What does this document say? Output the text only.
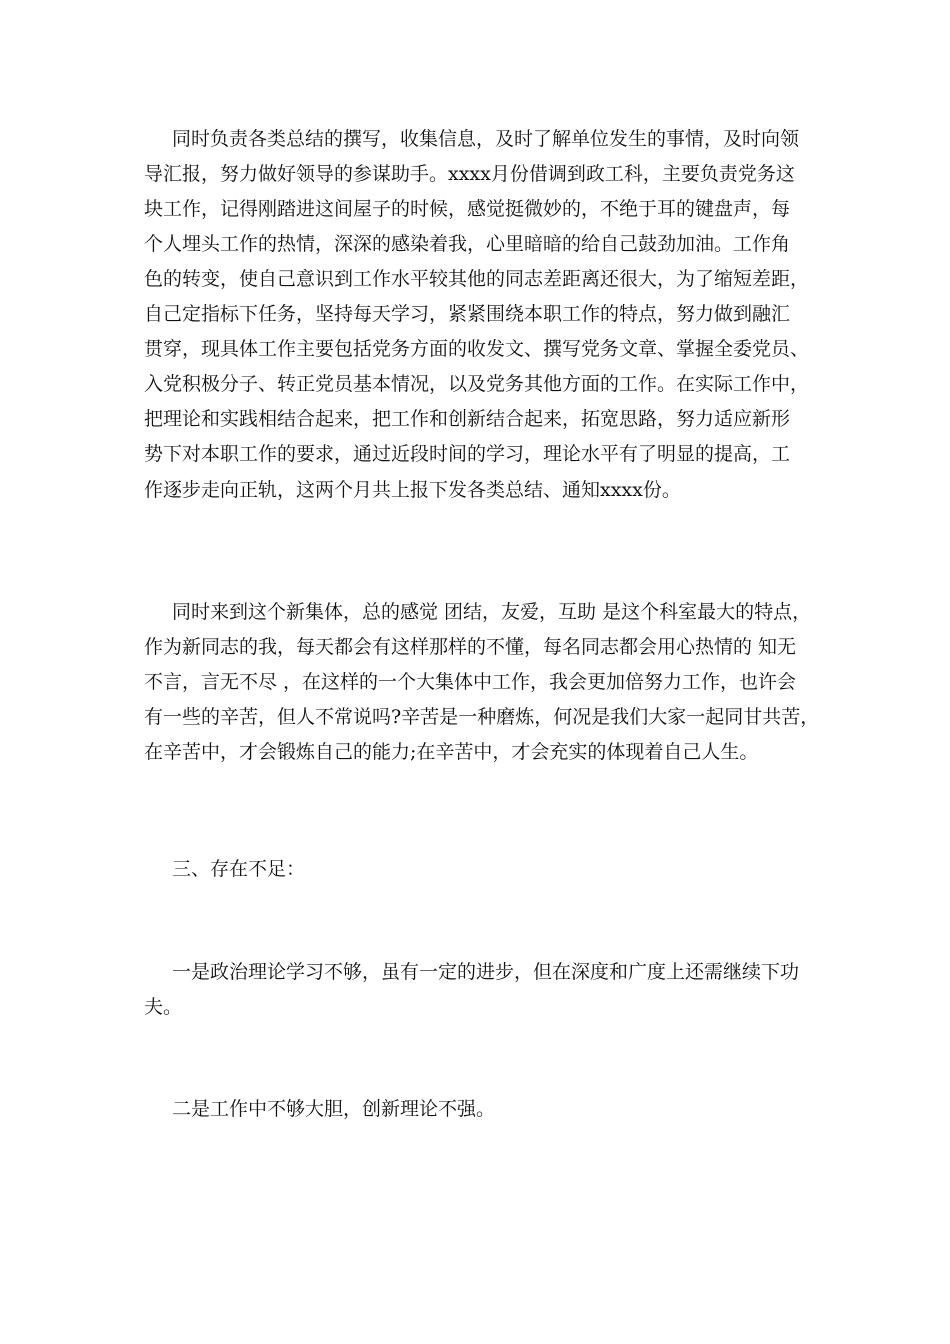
同时负责各类总结的撰写，收集信息，及时了解单位发生的事情，及时向领
导汇报，努力做好领导的参谋助手。xxxx月份借调到政工科，主要负责党务这
块工作，记得刚踏进这间屋子的时候，感觉挺微妙的，不绝于耳的键盘声，每
个人埋头工作的热情，深深的感染着我，心里暗暗的给自己鼓劲加油。工作角
色的转变，使自己意识到工作水平较其他的同志差距离还很大，为了缩短差距，
自己定指标下任务，坚持每天学习，紧紧围绕本职工作的特点，努力做到融汇
贯穿，现具体工作主要包括党务方面的收发文、撰写党务文章、掌握全委党员、
入党积极分子、转正党员基本情况，以及党务其他方面的工作。在实际工作中，
把理论和实践相结合起来，把工作和创新结合起来，拓宽思路，努力适应新形
势下对本职工作的要求，通过近段时间的学习，理论水平有了明显的提高，工
作逐步走向正轨，这两个月共上报下发各类总结、通知xxxx份。
同时来到这个新集体，总的感觉 团结，友爱，互助 是这个科室最大的特点，
作为新同志的我，每天都会有这样那样的不懂，每名同志都会用心热情的 知无
不言，言无不尽 ，在这样的一个大集体中工作，我会更加倍努力工作，也许会
有一些的辛苦，但人不常说吗?辛苦是一种磨炼，何况是我们大家一起同甘共苦，
在辛苦中，才会锻炼自己的能力;在辛苦中，才会充实的体现着自己人生。
三、存在不足：
一是政治理论学习不够，虽有一定的进步，但在深度和广度上还需继续下功
夫。
二是工作中不够大胆，创新理论不强。
